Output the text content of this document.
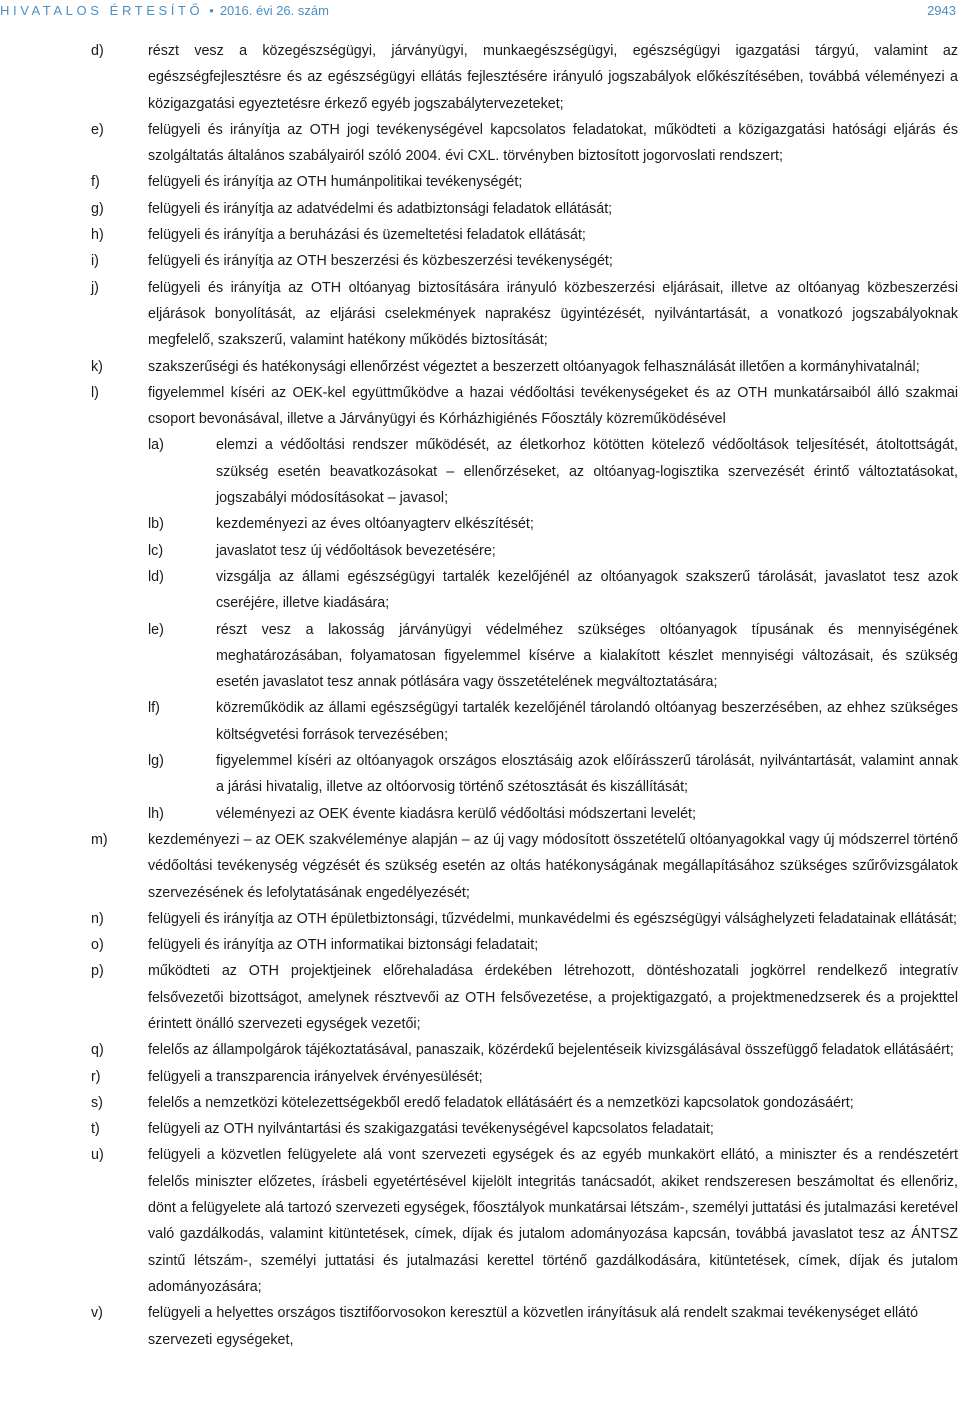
HIVATALOS ÉRTESÍTŐ • 2016. évi 26. szám	2943
d)	részt vesz a közegészségügyi, járványügyi, munkaegészségügyi, egészségügyi igazgatási tárgyú, valamint az egészségfejlesztésre és az egészségügyi ellátás fejlesztésére irányuló jogszabályok előkészítésében, továbbá véleményezi a közigazgatási egyeztetésre érkező egyéb jogszabálytervezeteket;
e)	felügyeli és irányítja az OTH jogi tevékenységével kapcsolatos feladatokat, működteti a közigazgatási hatósági eljárás és szolgáltatás általános szabályairól szóló 2004. évi CXL. törvényben biztosított jogorvoslati rendszert;
f)	felügyeli és irányítja az OTH humánpolitikai tevékenységét;
g)	felügyeli és irányítja az adatvédelmi és adatbiztonsági feladatok ellátását;
h)	felügyeli és irányítja a beruházási és üzemeltetési feladatok ellátását;
i)	felügyeli és irányítja az OTH beszerzési és közbeszerzési tevékenységét;
j)	felügyeli és irányítja az OTH oltóanyag biztosítására irányuló közbeszerzési eljárásait, illetve az oltóanyag közbeszerzési eljárások bonyolítását, az eljárási cselekmények naprakész ügyintézését, nyilvántartását, a vonatkozó jogszabályoknak megfelelő, szakszerű, valamint hatékony működés biztosítását;
k)	szakszerűségi és hatékonysági ellenőrzést végeztet a beszerzett oltóanyagok felhasználását illetően a kormányhivatalnál;
l)	figyelemmel kíséri az OEK-kel együttműködve a hazai védőoltási tevékenységeket és az OTH munkatársaiból álló szakmai csoport bevonásával, illetve a Járványügyi és Kórházhigiénés Főosztály közreműködésével
la)	elemzi a védőoltási rendszer működését, az életkorhoz kötötten kötelező védőoltások teljesítését, átoltottságát, szükség esetén beavatkozásokat – ellenőrzéseket, az oltóanyag-logisztika szervezését érintő változtatásokat, jogszabályi módosításokat – javasol;
lb)	kezdeményezi az éves oltóanyagterv elkészítését;
lc)	javaslatot tesz új védőoltások bevezetésére;
ld)	vizsgálja az állami egészségügyi tartalék kezelőjénél az oltóanyagok szakszerű tárolását, javaslatot tesz azok cseréjére, illetve kiadására;
le)	részt vesz a lakosság járványügyi védelméhez szükséges oltóanyagok típusának és mennyiségének meghatározásában, folyamatosan figyelemmel kísérve a kialakított készlet mennyiségi változásait, és szükség esetén javaslatot tesz annak pótlására vagy összetételének megváltoztatására;
lf)	közreműködik az állami egészségügyi tartalék kezelőjénél tárolandó oltóanyag beszerzésében, az ehhez szükséges költségvetési források tervezésében;
lg)	figyelemmel kíséri az oltóanyagok országos elosztásáig azok előírásszerű tárolását, nyilvántartását, valamint annak a járási hivatalig, illetve az oltóorvosig történő szétosztását és kiszállítását;
lh)	véleményezi az OEK évente kiadásra kerülő védőoltási módszertani levelét;
m)	kezdeményezi – az OEK szakvéleménye alapján – az új vagy módosított összetételű oltóanyagokkal vagy új módszerrel történő védőoltási tevékenység végzését és szükség esetén az oltás hatékonyságának megállapításához szükséges szűrővizsgálatok szervezésének és lefolytatásának engedélyezését;
n)	felügyeli és irányítja az OTH épületbiztonsági, tűzvédelmi, munkavédelmi és egészségügyi válsághelyzeti feladatainak ellátását;
o)	felügyeli és irányítja az OTH informatikai biztonsági feladatait;
p)	működteti az OTH projektjeinek előrehaladása érdekében létrehozott, döntéshozatali jogkörrel rendelkező integratív felsővezetői bizottságot, amelynek résztvevői az OTH felsővezetése, a projektigazgató, a projektmenedzserek és a projekttel érintett önálló szervezeti egységek vezetői;
q)	felelős az állampolgárok tájékoztatásával, panaszaik, közérdekű bejelentéseik kivizsgálásával összefüggő feladatok ellátásáért;
r)	felügyeli a transzparencia irányelvek érvényesülését;
s)	felelős a nemzetközi kötelezettségekből eredő feladatok ellátásáért és a nemzetközi kapcsolatok gondozásáért;
t)	felügyeli az OTH nyilvántartási és szakigazgatási tevékenységével kapcsolatos feladatait;
u)	felügyeli a közvetlen felügyelete alá vont szervezeti egységek és az egyéb munkakört ellátó, a miniszter és a rendészetért felelős miniszter előzetes, írásbeli egyetértésével kijelölt integritás tanácsadót, akiket rendszeresen beszámoltat és ellenőriz, dönt a felügyelete alá tartozó szervezeti egységek, főosztályok munkatársai létszám-, személyi juttatási és jutalmazási keretével való gazdálkodás, valamint kitüntetések, címek, díjak és jutalom adományozása kapcsán, továbbá javaslatot tesz az ÁNTSZ szintű létszám-, személyi juttatási és jutalmazási kerettel történő gazdálkodására, kitüntetések, címek, díjak és jutalom adományozására;
v)	felügyeli a helyettes országos tisztifőorvosokon keresztül a közvetlen irányításuk alá rendelt szakmai tevékenységet ellátó szervezeti egységeket,
